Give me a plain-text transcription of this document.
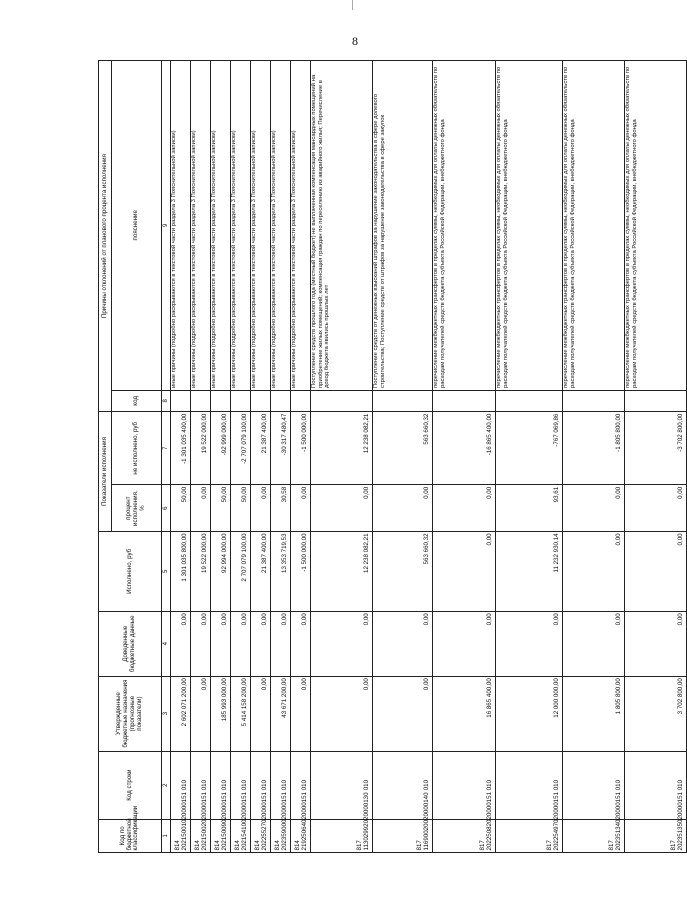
8
Код по бюджетной классификации	Код строки	Утвержденные бюджетные назначения (прогнозные показатели)	Доведенные бюджетные данные	Исполнено, руб	Показатели исполнения		Причины отклонений от планового процента исполнения	
					процент исполнения, %	не исполнено, руб	код	пояснение
1	2	3	4	5	6	7	8	9
814 20215001020000151	010	2 602 071 200,00	0,00	1 301 035 800,00	50,00	-1 301 035 400,00		иные причины (подробно раскрываются в текстовой части раздела 3 Пояснительной записки)
814 20215002020000151	010	0,00	0,00	19 522 000,00	0,00	19 522 000,00		иные причины (подробно раскрываются в текстовой части раздела 3 Пояснительной записки)
814 20215009020000151	010	185 993 000,00	0,00	92 994 000,00	50,00	-92 999 000,00		иные причины (подробно раскрываются в текстовой части раздела 3 Пояснительной записки)
814 20215410020000151	010	5 414 158 200,00	0,00	2 707 079 100,00	50,00	-2 707 079 100,00		иные причины (подробно раскрываются в текстовой части раздела 3 Пояснительной записки)
814 20225527020000151	010	0,00	0,00	21 387 400,00	0,00	21 387 400,00		иные причины (подробно раскрываются в текстовой части раздела 3 Пояснительной записки)
814 20235900020000151	010	43 671 200,00	0,00	13 353 719,53	30,58	-30 317 480,47		иные причины (подробно раскрываются в текстовой части раздела 3 Пояснительной записки)
814 21925064020000151	010	0,00	0,00	-1 500 000,00	0,00	-1 500 000,00		иные причины (подробно раскрываются в текстовой части раздела 3 Пояснительной записки)
817 11302992020000130	010	0,00	0,00	12 238 082,21	0,00	12 238 082,21		Поступление средств прошлого года (местный бюджет) не выплаченная компенсация мансардных помещений на приобретение жилых помещений; компенсация граждан по переселению из аварийного жилья; Перечисление в доход бюджета явились прошлых лет
817 11690020020000140	010	0,00	0,00	563 660,32	0,00	563 660,32		Поступление средств от денежных взысканий штрафов за нарушение законодательства в сфере долевого строительства; Поступление средств от штрафов за нарушение законодательства в сфере закупок
817 20225082020000151	010	16 865 400,00	0,00	0,00	0,00	-16 865 400,00		перечисление межбюджетных трансфертов в пределах суммы, необходимых для оплаты денежных обязательств по расходам получателей средств бюджета субъекта Российской Федерации, внебюджетного фонда
817 20225497020000151	010	12 000 000,00	0,00	11 232 930,14	93,61	-767 069,86		перечисление межбюджетных трансфертов в пределах суммы, необходимых для оплаты денежных обязательств по расходам получателей средств бюджета субъекта Российской Федерации, внебюджетного фонда
817 20235134020000151	010	1 805 800,00	0,00	0,00	0,00	-1 805 800,00		перечисление межбюджетных трансфертов в пределах суммы, необходимых для оплаты денежных обязательств по расходам получателей средств бюджета субъекта Российской Федерации, внебюджетного фонда
817 20235135020000151	010	3 702 800,00	0,00	0,00	0,00	-3 702 800,00		перечисление межбюджетных трансфертов в пределах суммы, необходимых для оплаты денежных обязательств по расходам получателей средств бюджета субъекта Российской Федерации, внебюджетного фонда
